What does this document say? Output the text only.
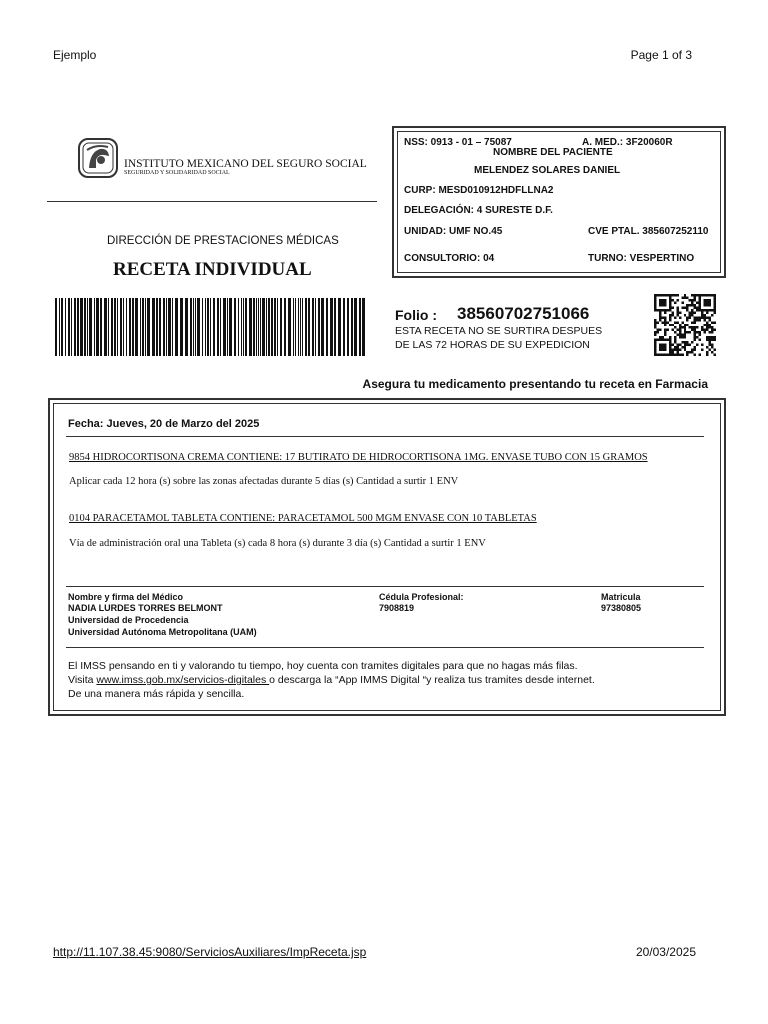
Ejemplo	Page 1 of 3
INSTITUTO MEXICANO DEL SEGURO SOCIAL
SEGURIDAD Y SOLIDARIDAD SOCIAL
DIRECCIÓN DE PRESTACIONES MÉDICAS
RECETA INDIVIDUAL
NSS: 0913 - 01 – 75087	A. MED.: 3F20060R
NOMBRE DEL PACIENTE
MELENDEZ SOLARES DANIEL
CURP: MESD010912HDFLLNA2
DELEGACIÓN: 4 SURESTE D.F.
UNIDAD: UMF NO.45	CVE PTAL. 385607252110
CONSULTORIO: 04	TURNO: VESPERTINO
Folio : 38560702751066
ESTA RECETA NO SE SURTIRA DESPUES
DE LAS 72 HORAS DE SU EXPEDICION
Asegura tu medicamento presentando tu receta en Farmacia
Fecha: Jueves, 20 de Marzo del 2025
9854 HIDROCORTISONA CREMA CONTIENE: 17 BUTIRATO DE HIDROCORTISONA 1MG. ENVASE TUBO CON 15 GRAMOS
Aplicar cada 12 hora (s) sobre las zonas afectadas durante 5 días (s) Cantidad a surtir 1 ENV
0104 PARACETAMOL TABLETA CONTIENE: PARACETAMOL 500 MGM ENVASE CON 10 TABLETAS
Vía de administración oral una Tableta (s) cada 8 hora (s) durante 3 día (s) Cantidad a surtir 1 ENV
Nombre y firma del Médico
NADIA LURDES TORRES BELMONT
Universidad de Procedencia
Universidad Autónoma Metropolitana (UAM)
Cédula Profesional:
7908819
Matricula
97380805
El IMSS pensando en ti y valorando tu tiempo, hoy cuenta con tramites digitales para que no hagas más filas.
Visita www.imss.gob.mx/servicios-digitales o descarga la “App IMMS Digital “y realiza tus tramites desde internet.
De una manera más rápida y sencilla.
http://11.107.38.45:9080/ServiciosAuxiliares/ImpReceta.jsp	20/03/2025
